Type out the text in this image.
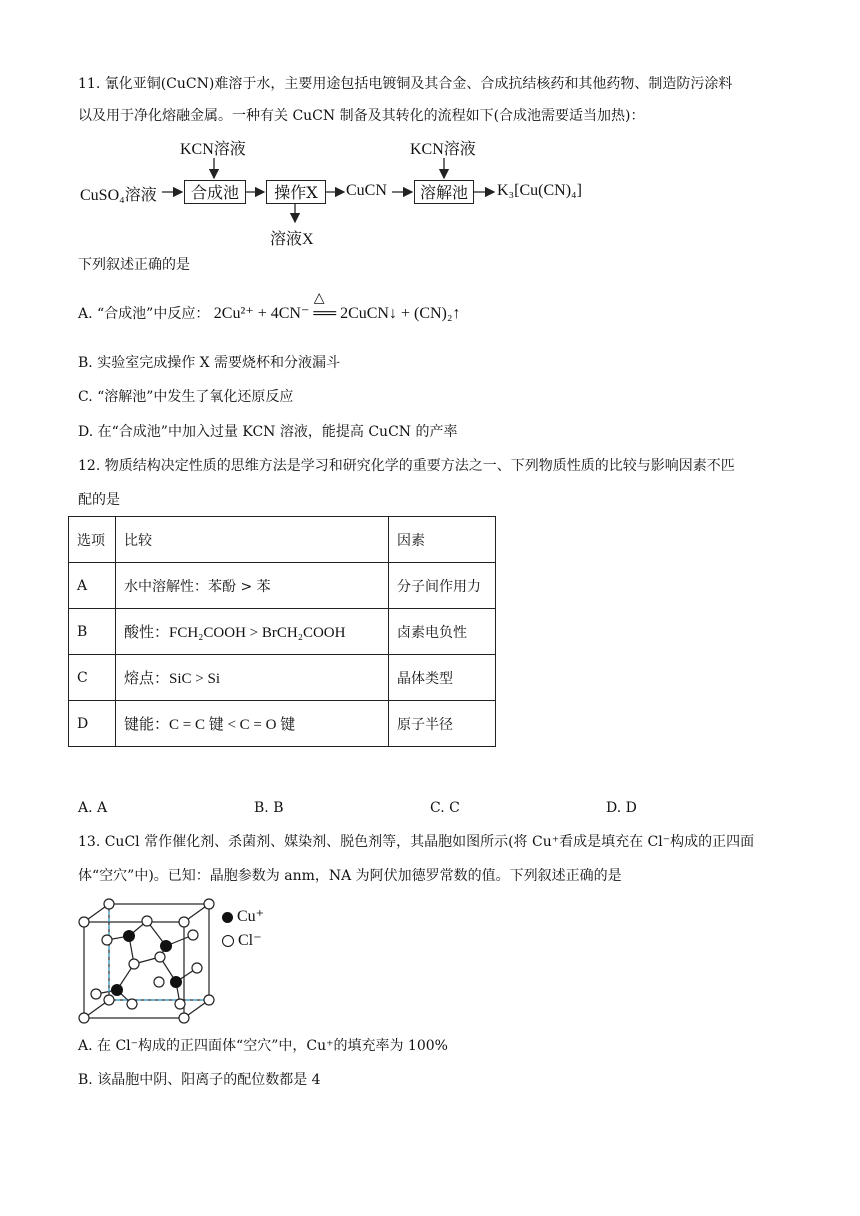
11. 氰化亚铜(CuCN)难溶于水，主要用途包括电镀铜及其合金、合成抗结核药和其他药物、制造防污涂料
以及用于净化熔融金属。一种有关 CuCN 制备及其转化的流程如下(合成池需要适当加热)：
KCN溶液	KCN溶液
CuSO₄溶液	合成池	操作X	CuCN	溶解池	K₃[Cu(CN)₄]
溶液X
下列叙述正确的是
A. “合成池”中反应：
△
2Cu²⁺ + 4CN⁻ ══ 2CuCN↓ + (CN)₂↑
B. 实验室完成操作 X 需要烧杯和分液漏斗
C. “溶解池”中发生了氧化还原反应
D. 在“合成池”中加入过量 KCN 溶液，能提高 CuCN 的产率
12. 物质结构决定性质的思维方法是学习和研究化学的重要方法之一、下列物质性质的比较与影响因素不匹
配的是
选项	比较	因素
A	水中溶解性：苯酚 > 苯	分子间作用力
B	酸性：FCH₂COOH > BrCH₂COOH	卤素电负性
C	熔点：SiC > Si	晶体类型
D	键能：C = C 键 < C = O 键	原子半径
A. A	B. B	C. C	D. D
13. CuCl 常作催化剂、杀菌剂、媒染剂、脱色剂等，其晶胞如图所示(将 Cu⁺看成是填充在 Cl⁻构成的正四面
体“空穴”中)。已知：晶胞参数为 anm，NA 为阿伏加德罗常数的值。下列叙述正确的是
Cu⁺
Cl⁻
A. 在 Cl⁻构成的正四面体“空穴”中，Cu⁺的填充率为 100%
B. 该晶胞中阴、阳离子的配位数都是 4
